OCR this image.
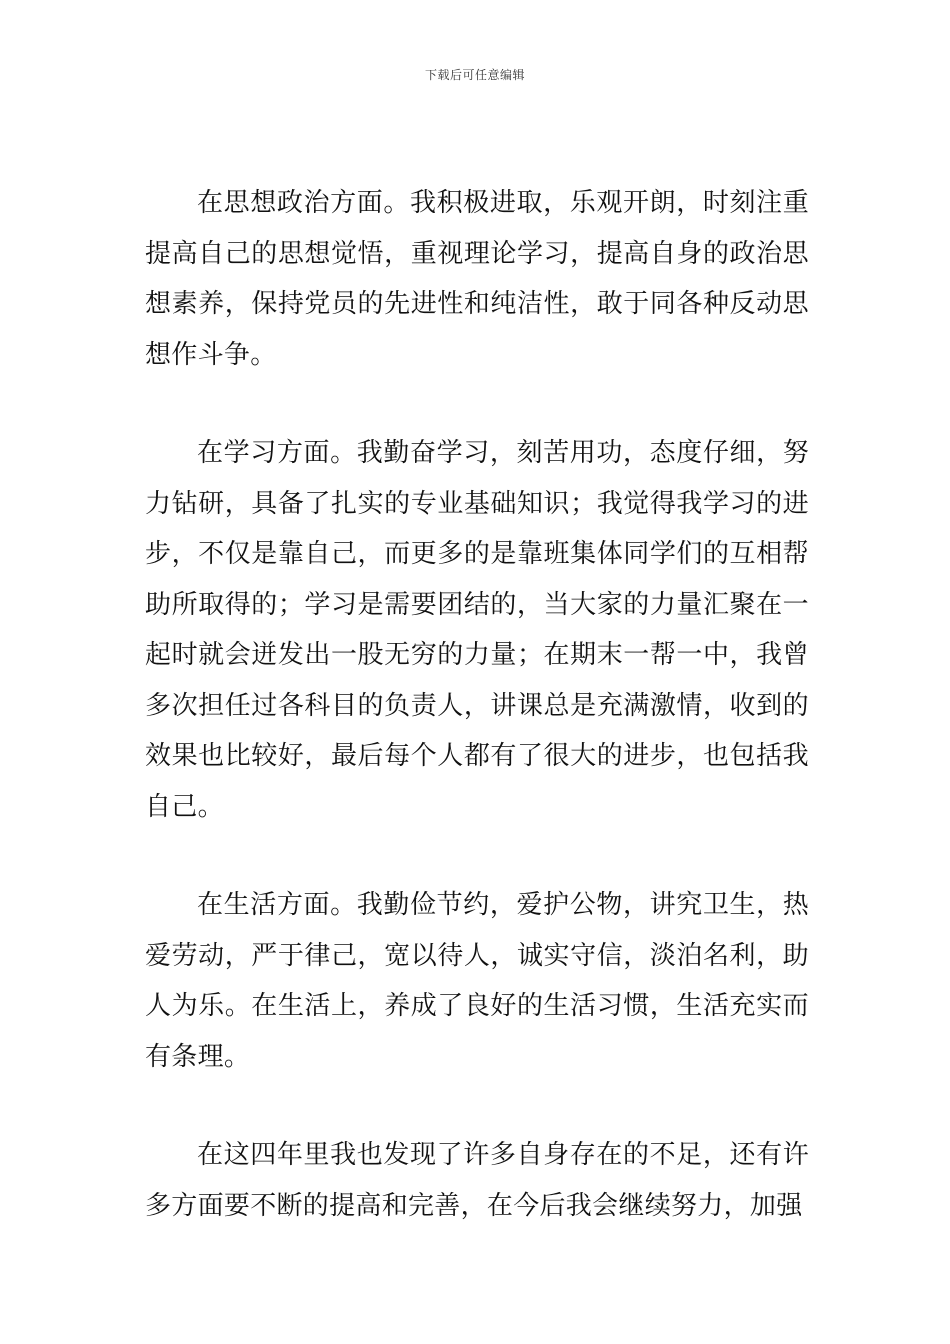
下载后可任意编辑

在思想政治方面。我积极进取，乐观开朗，时刻注重提高自己的思想觉悟，重视理论学习，提高自身的政治思想素养，保持党员的先进性和纯洁性，敢于同各种反动思想作斗争。

在学习方面。我勤奋学习，刻苦用功，态度仔细，努力钻研，具备了扎实的专业基础知识；我觉得我学习的进步，不仅是靠自己，而更多的是靠班集体同学们的互相帮助所取得的；学习是需要团结的，当大家的力量汇聚在一起时就会迸发出一股无穷的力量；在期末一帮一中，我曾多次担任过各科目的负责人，讲课总是充满激情，收到的效果也比较好，最后每个人都有了很大的进步，也包括我自己。

在生活方面。我勤俭节约，爱护公物，讲究卫生，热爱劳动，严于律己，宽以待人，诚实守信，淡泊名利，助人为乐。在生活上，养成了良好的生活习惯，生活充实而有条理。

在这四年里我也发现了许多自身存在的不足，还有许多方面要不断的提高和完善，在今后我会继续努力，加强
